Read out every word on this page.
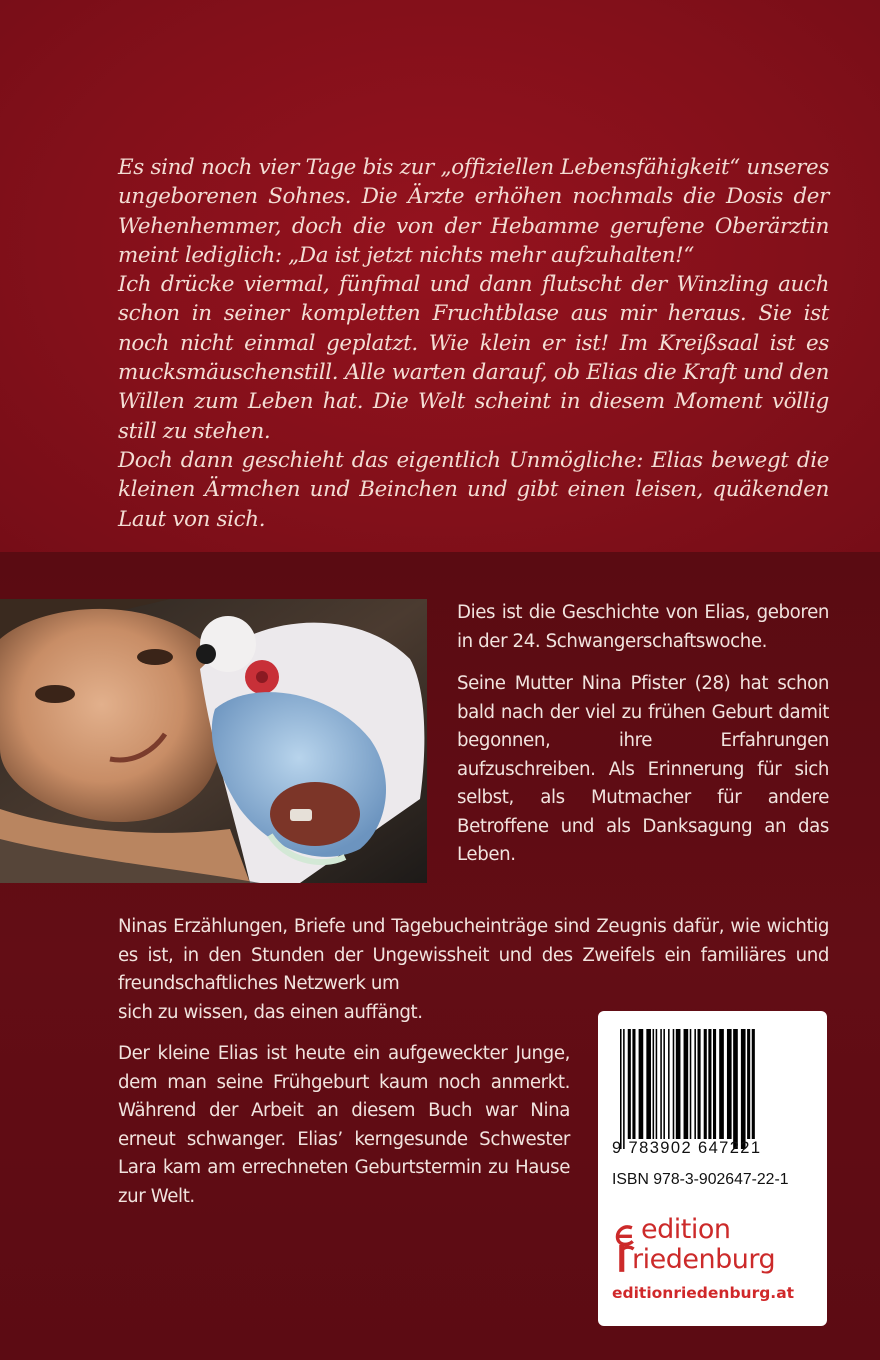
Es sind noch vier Tage bis zur „offiziellen Lebensfähigkeit“ unseres ungeborenen Sohnes. Die Ärzte erhöhen nochmals die Dosis der Wehenhemmer, doch die von der Hebamme gerufene Oberärztin meint lediglich: „Da ist jetzt nichts mehr aufzuhalten!“

Ich drücke viermal, fünfmal und dann flutscht der Winzling auch schon in seiner kompletten Fruchtblase aus mir heraus. Sie ist noch nicht einmal geplatzt. Wie klein er ist! Im Kreißsaal ist es mucksmäuschenstill. Alle warten darauf, ob Elias die Kraft und den Willen zum Leben hat. Die Welt scheint in diesem Moment völlig still zu stehen.

Doch dann geschieht das eigentlich Unmögliche: Elias bewegt die kleinen Ärmchen und Beinchen und gibt einen leisen, quäkenden Laut von sich.

Dies ist die Geschichte von Elias, geboren in der 24. Schwangerschaftswoche.

Seine Mutter Nina Pfister (28) hat schon bald nach der viel zu frühen Geburt damit begonnen, ihre Erfahrungen aufzuschreiben. Als Erinnerung für sich selbst, als Mutmacher für andere Betroffene und als Danksagung an das Leben.

Ninas Erzählungen, Briefe und Tagebucheinträge sind Zeugnis dafür, wie wichtig es ist, in den Stunden der Ungewissheit und des Zweifels ein familiäres und freundschaftliches Netzwerk um

sich zu wissen, das einen auffängt.

Der kleine Elias ist heute ein aufgeweckter Junge, dem man seine Frühgeburt kaum noch anmerkt. Während der Arbeit an diesem Buch war Nina erneut schwanger. Elias’ kerngesunde Schwester Lara kam am errechneten Geburtstermin zu Hause zur Welt.

9 783902 647221
ISBN 978-3-902647-22-1
edition
riedenburg
editionriedenburg.at
